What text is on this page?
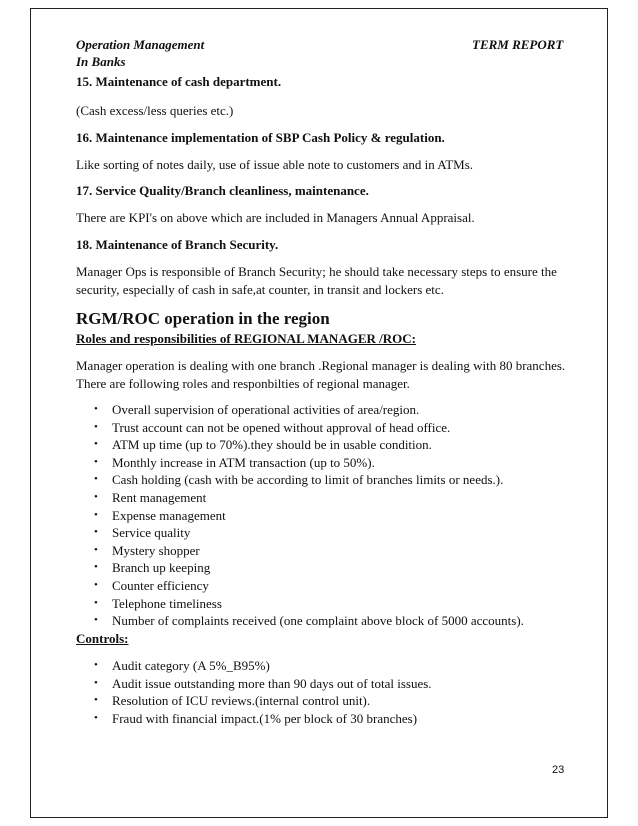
Operation Management
In Banks
TERM REPORT
15. Maintenance of cash department.
(Cash excess/less queries etc.)
16. Maintenance implementation of SBP Cash Policy & regulation.
Like sorting of notes daily, use of issue able note to customers and in ATMs.
17. Service Quality/Branch cleanliness, maintenance.
There are KPI's on above which are included in Managers Annual Appraisal.
18. Maintenance of Branch Security.
Manager Ops is responsible of Branch Security; he should take necessary steps to ensure the
security, especially of cash in safe,at counter, in transit and lockers etc.
RGM/ROC operation in the region
Roles and responsibilities of REGIONAL MANAGER /ROC:
Manager operation is dealing with one branch .Regional manager is dealing with 80 branches.
There are following roles and responbilties of regional manager.
• Overall supervision of operational activities of area/region.
• Trust account can not be opened without approval of head office.
• ATM up time (up to 70%).they should be in usable condition.
• Monthly increase in ATM transaction (up to 50%).
• Cash holding (cash with be according to limit of branches limits or needs.).
• Rent management
• Expense management
• Service quality
• Mystery shopper
• Branch up keeping
• Counter efficiency
• Telephone timeliness
• Number of complaints received (one complaint above block of 5000 accounts).
Controls:
• Audit category (A 5%_B95%)
• Audit issue outstanding more than 90 days out of total issues.
• Resolution of ICU reviews.(internal control unit).
• Fraud with financial impact.(1% per block of 30 branches)
23
